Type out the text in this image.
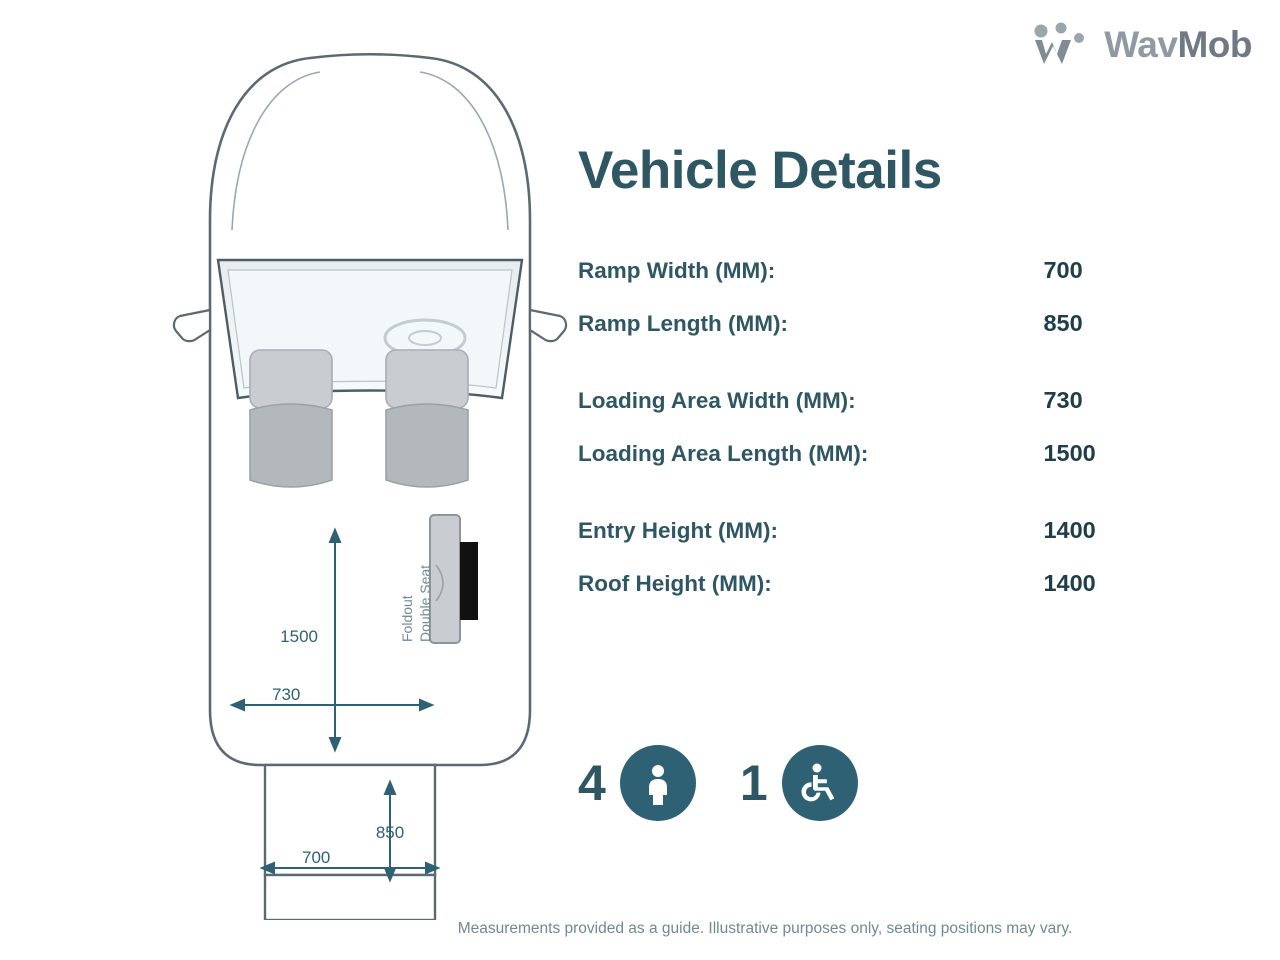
WavMob
Vehicle Details
Ramp Width (MM):	700
Ramp Length (MM):	850
Loading Area Width (MM):	730
Loading Area Length (MM):	1500
Entry Height (MM):	1400
Roof Height (MM):	1400
4	1
Measurements provided as a guide. Illustrative purposes only, seating positions may vary.
Foldout Double Seat
1500
730
850
700
